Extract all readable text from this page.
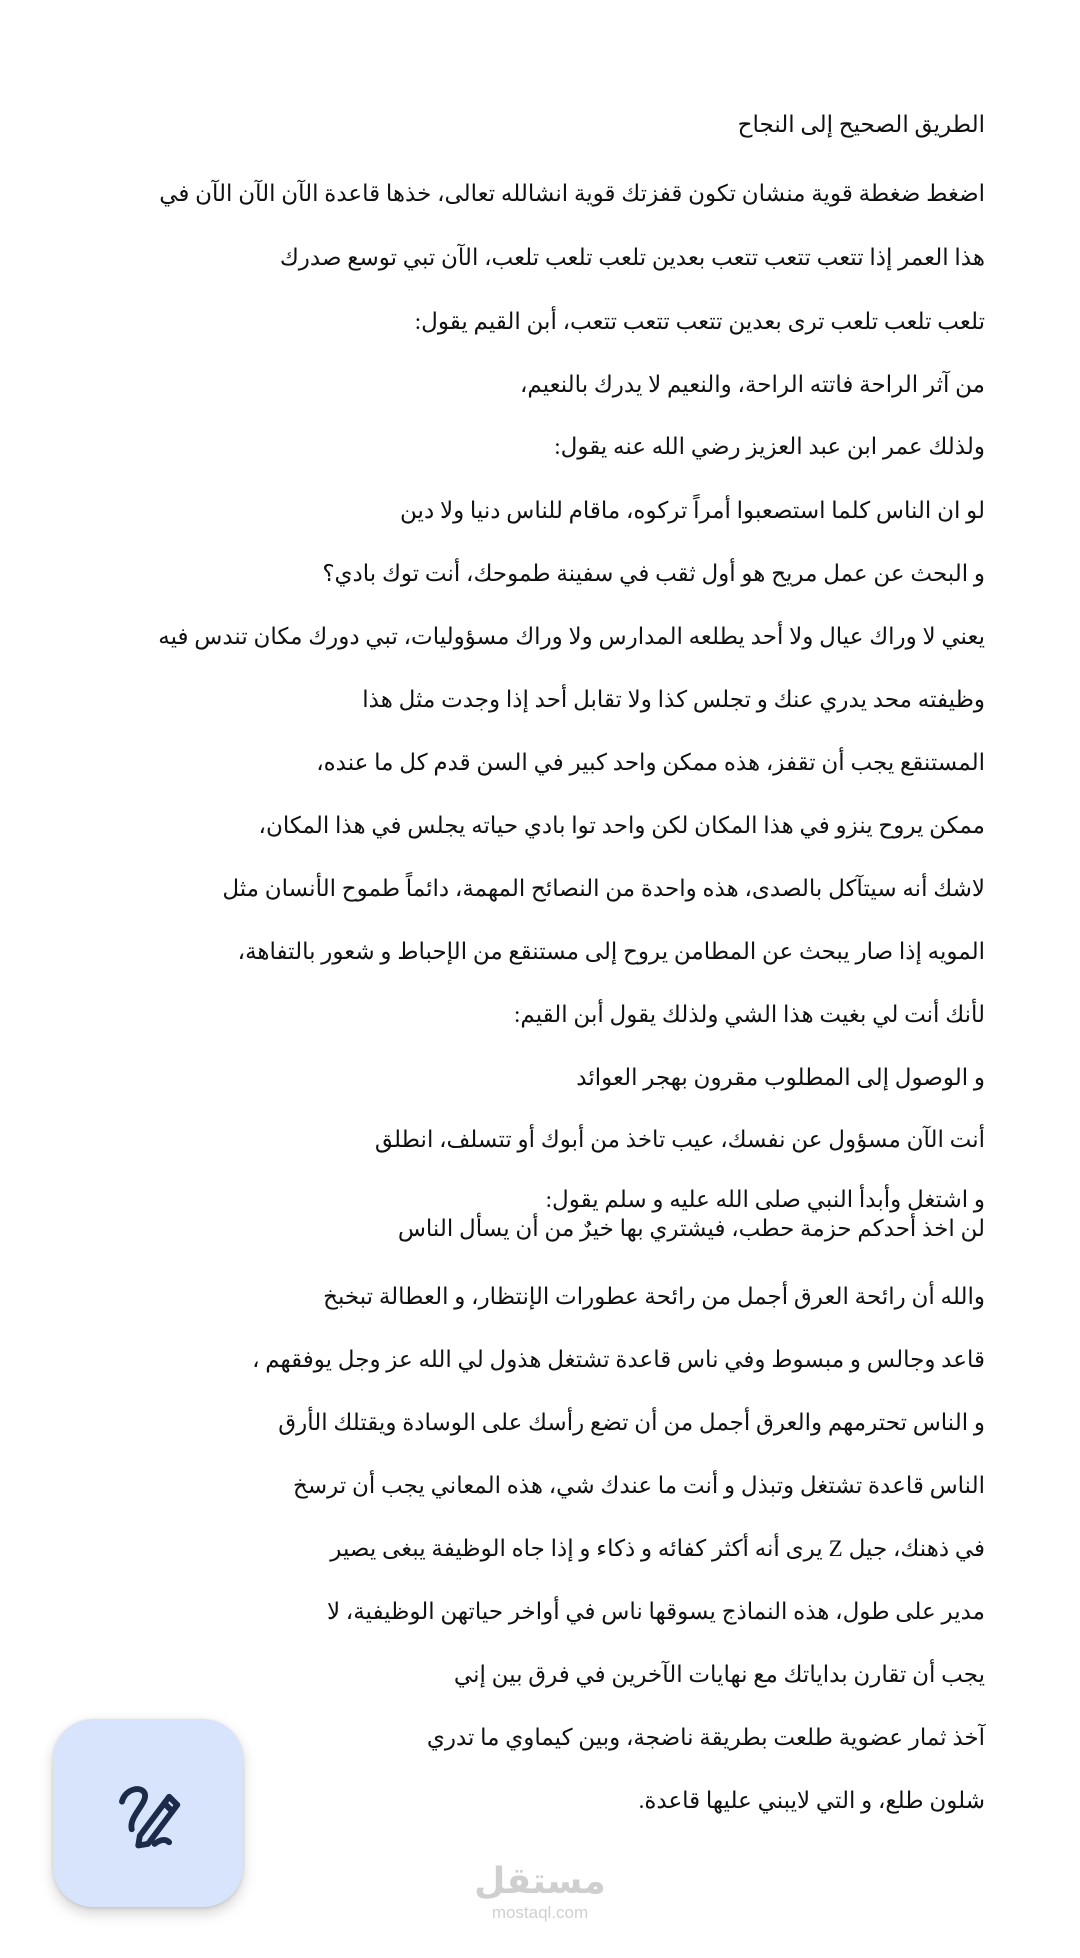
الطريق الصحيح إلى النجاح
اضغط ضغطة قوية منشان تكون قفزتك قوية انشالله تعالى، خذها قاعدة الآن الآن الآن في
هذا العمر إذا تتعب تتعب تتعب بعدين تلعب تلعب تلعب، الآن تبي توسع صدرك
تلعب تلعب تلعب ترى بعدين تتعب تتعب تتعب، أبن القيم يقول:
من آثر الراحة فاتته الراحة، والنعيم لا يدرك بالنعيم،
ولذلك عمر ابن عبد العزيز رضي الله عنه يقول:
لو ان الناس كلما استصعبوا أمراً تركوه، ماقام للناس دنيا ولا دين
و البحث عن عمل مريح هو أول ثقب في سفينة طموحك، أنت توك بادي؟
يعني لا وراك عيال ولا أحد يطلعه المدارس ولا وراك مسؤوليات، تبي دورك مكان تندس فيه
وظيفته محد يدري عنك و تجلس كذا ولا تقابل أحد إذا وجدت مثل هذا
المستنقع يجب أن تقفز، هذه ممكن واحد كبير في السن قدم كل ما عنده،
ممكن يروح ينزو في هذا المكان لكن واحد توا بادي حياته يجلس في هذا المكان،
لاشك أنه سيتآكل بالصدى، هذه واحدة من النصائح المهمة، دائماً طموح الأنسان مثل
المويه إذا صار يبحث عن المطامن يروح إلى مستنقع من الإحباط و شعور بالتفاهة،
لأنك أنت لي بغيت هذا الشي ولذلك يقول أبن القيم:
و الوصول إلى المطلوب مقرون بهجر العوائد
أنت الآن مسؤول عن نفسك، عيب تاخذ من أبوك أو تتسلف، انطلق
و اشتغل وأبدأ النبي صلى الله عليه و سلم يقول:
لن اخذ أحدكم حزمة حطب، فيشتري بها خيرٌ من أن يسأل الناس
والله أن رائحة العرق أجمل من رائحة عطورات الإنتظار، و العطالة تبخبخ
قاعد وجالس و مبسوط وفي ناس قاعدة تشتغل هذول لي الله عز وجل يوفقهم ،
و الناس تحترمهم والعرق أجمل من أن تضع رأسك على الوسادة ويقتلك الأرق
الناس قاعدة تشتغل وتبذل و أنت ما عندك شي، هذه المعاني يجب أن ترسخ
في ذهنك، جيل Z يرى أنه أكثر كفائه و ذكاء و إذا جاه الوظيفة يبغى يصير
مدير على طول، هذه النماذج يسوقها ناس في أواخر حياتهن الوظيفية، لا
يجب أن تقارن بداياتك مع نهايات الآخرين في فرق بين إني
آخذ ثمار عضوية طلعت بطريقة ناضجة، وبين كيماوي ما تدري
شلون طلع، و التي لايبني عليها قاعدة.
مستقل
mostaql.com
